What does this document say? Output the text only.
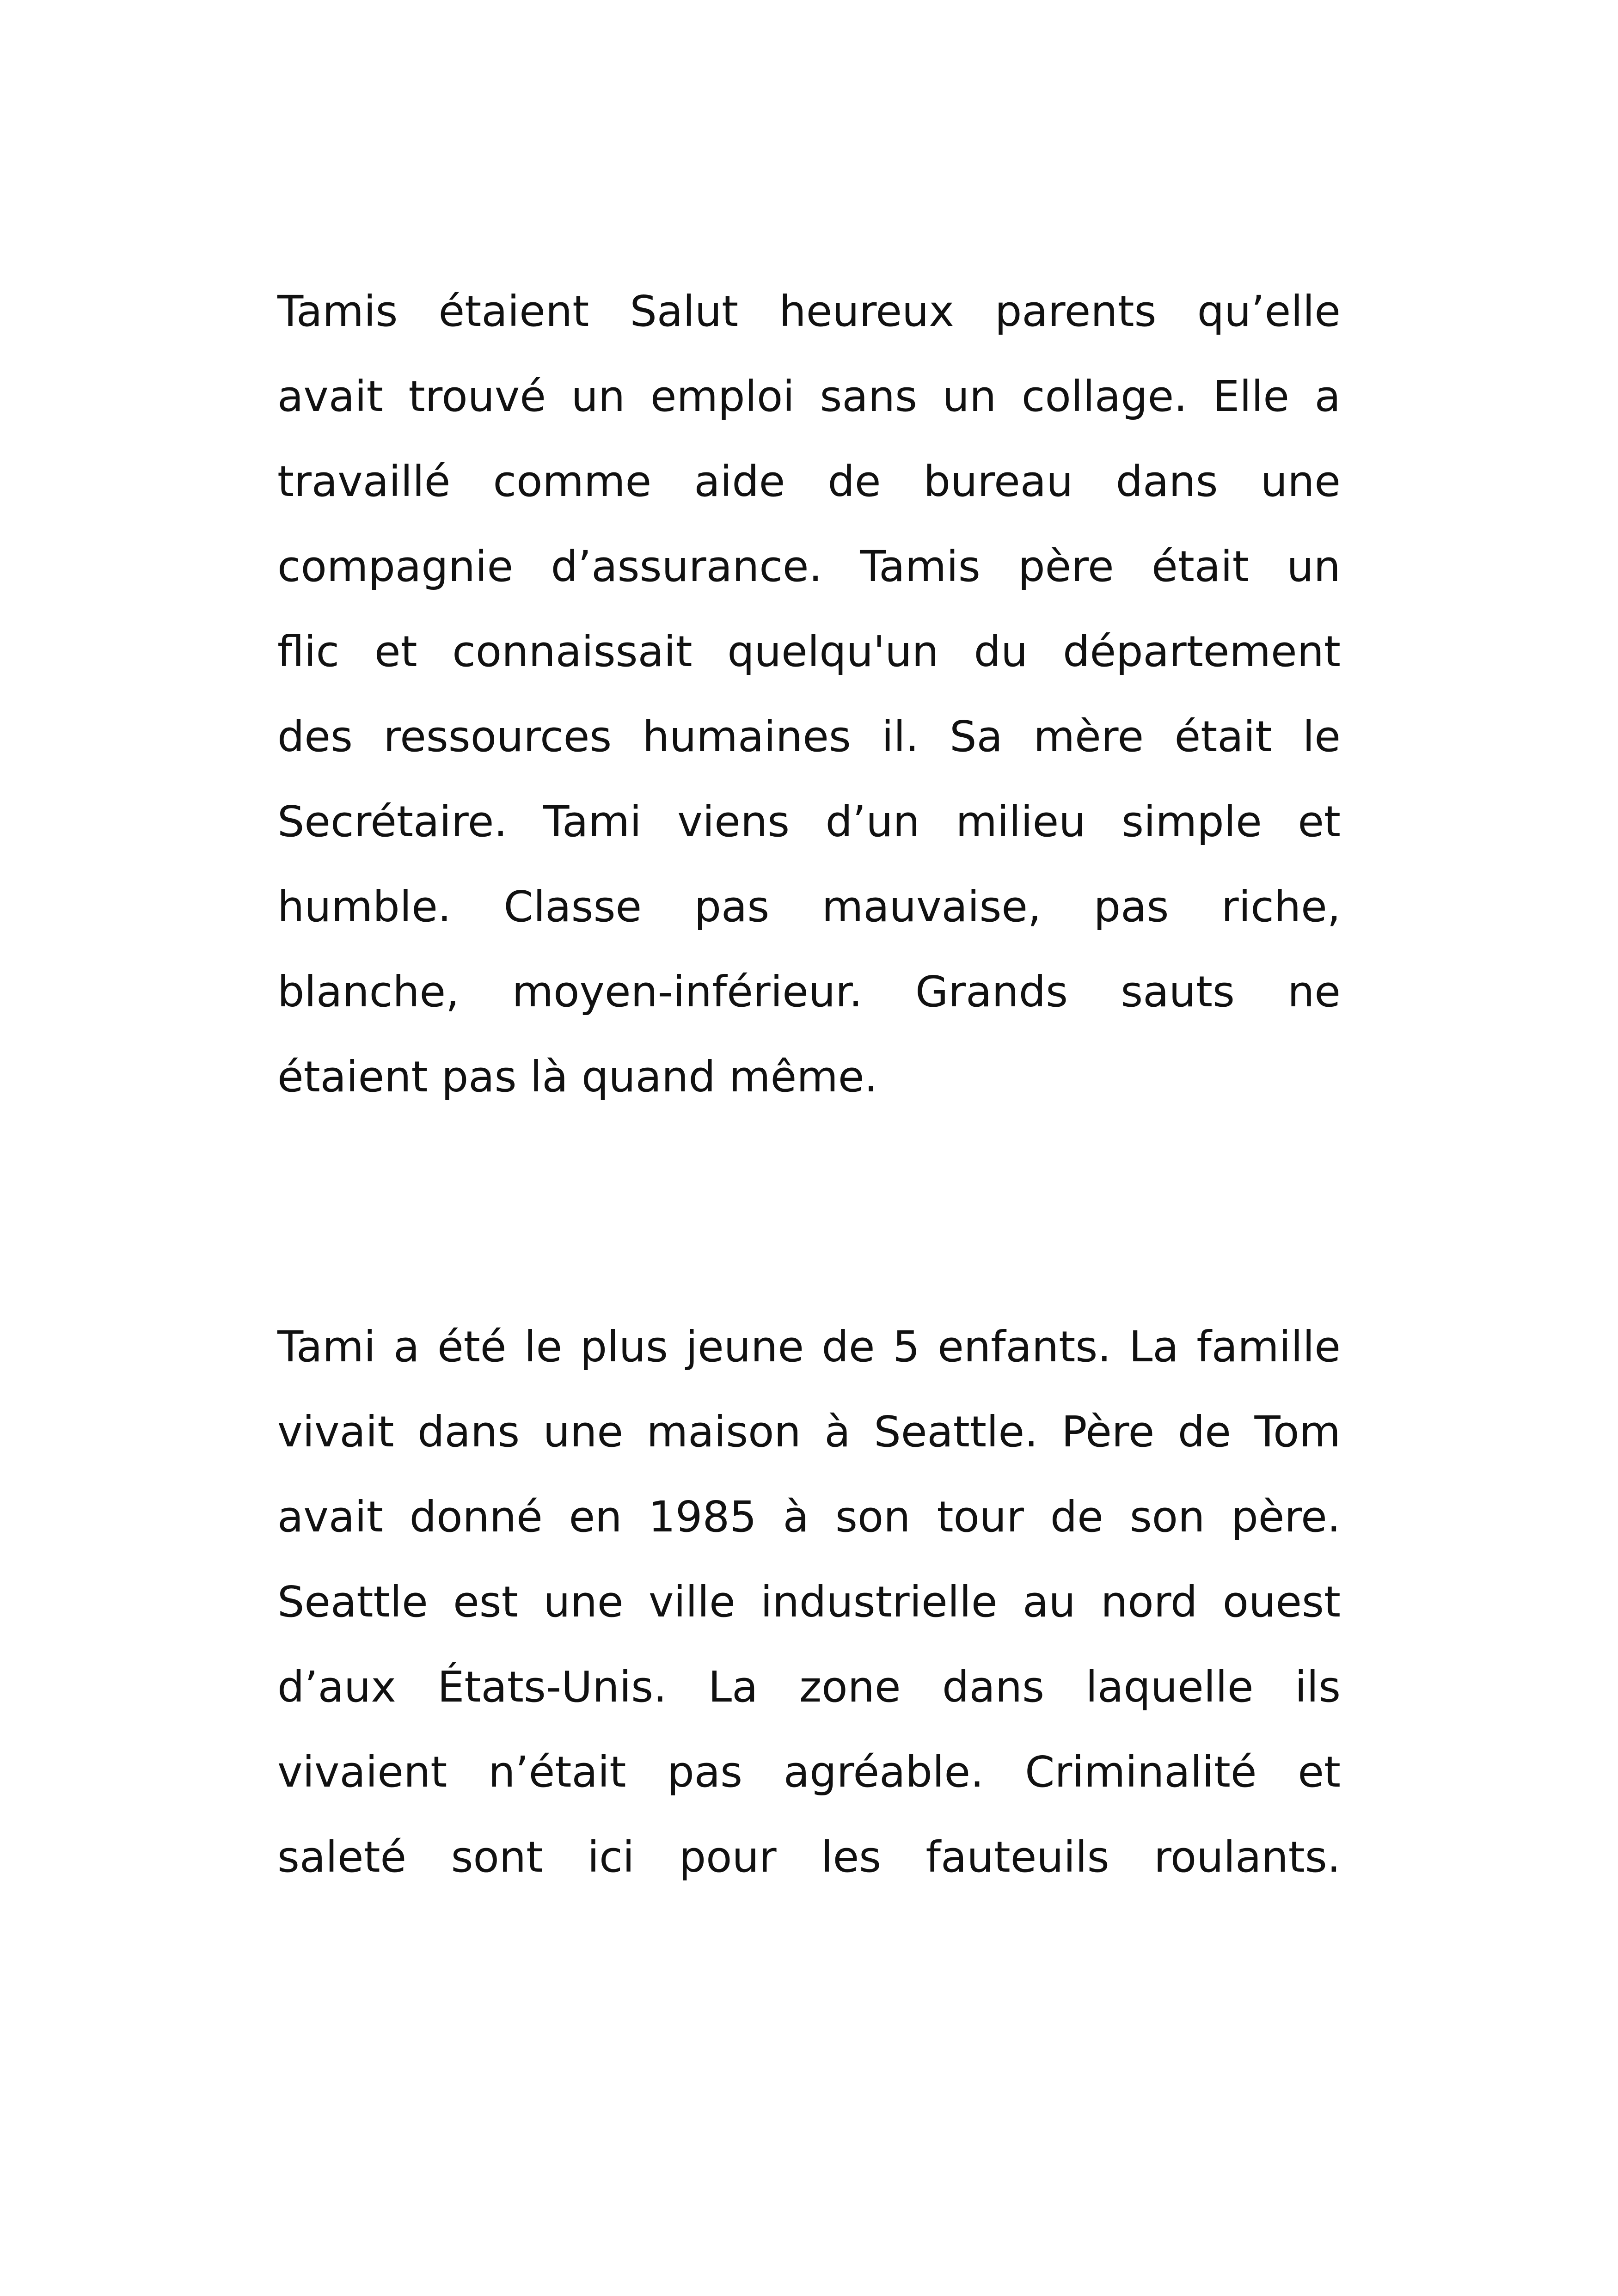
Tamis étaient Salut heureux parents qu’elle
avait trouvé un emploi sans un collage. Elle a
travaillé comme aide de bureau dans une
compagnie d’assurance. Tamis père était un
flic et connaissait quelqu'un du département
des ressources humaines il. Sa mère était le
Secrétaire. Tami viens d’un milieu simple et
humble. Classe pas mauvaise, pas riche,
blanche, moyen-inférieur. Grands sauts ne
étaient pas là quand même.
Tami a été le plus jeune de 5 enfants. La famille
vivait dans une maison à Seattle. Père de Tom
avait donné en 1985 à son tour de son père.
Seattle est une ville industrielle au nord ouest
d’aux États-Unis. La zone dans laquelle ils
vivaient n’était pas agréable. Criminalité et
saleté sont ici pour les fauteuils roulants.
